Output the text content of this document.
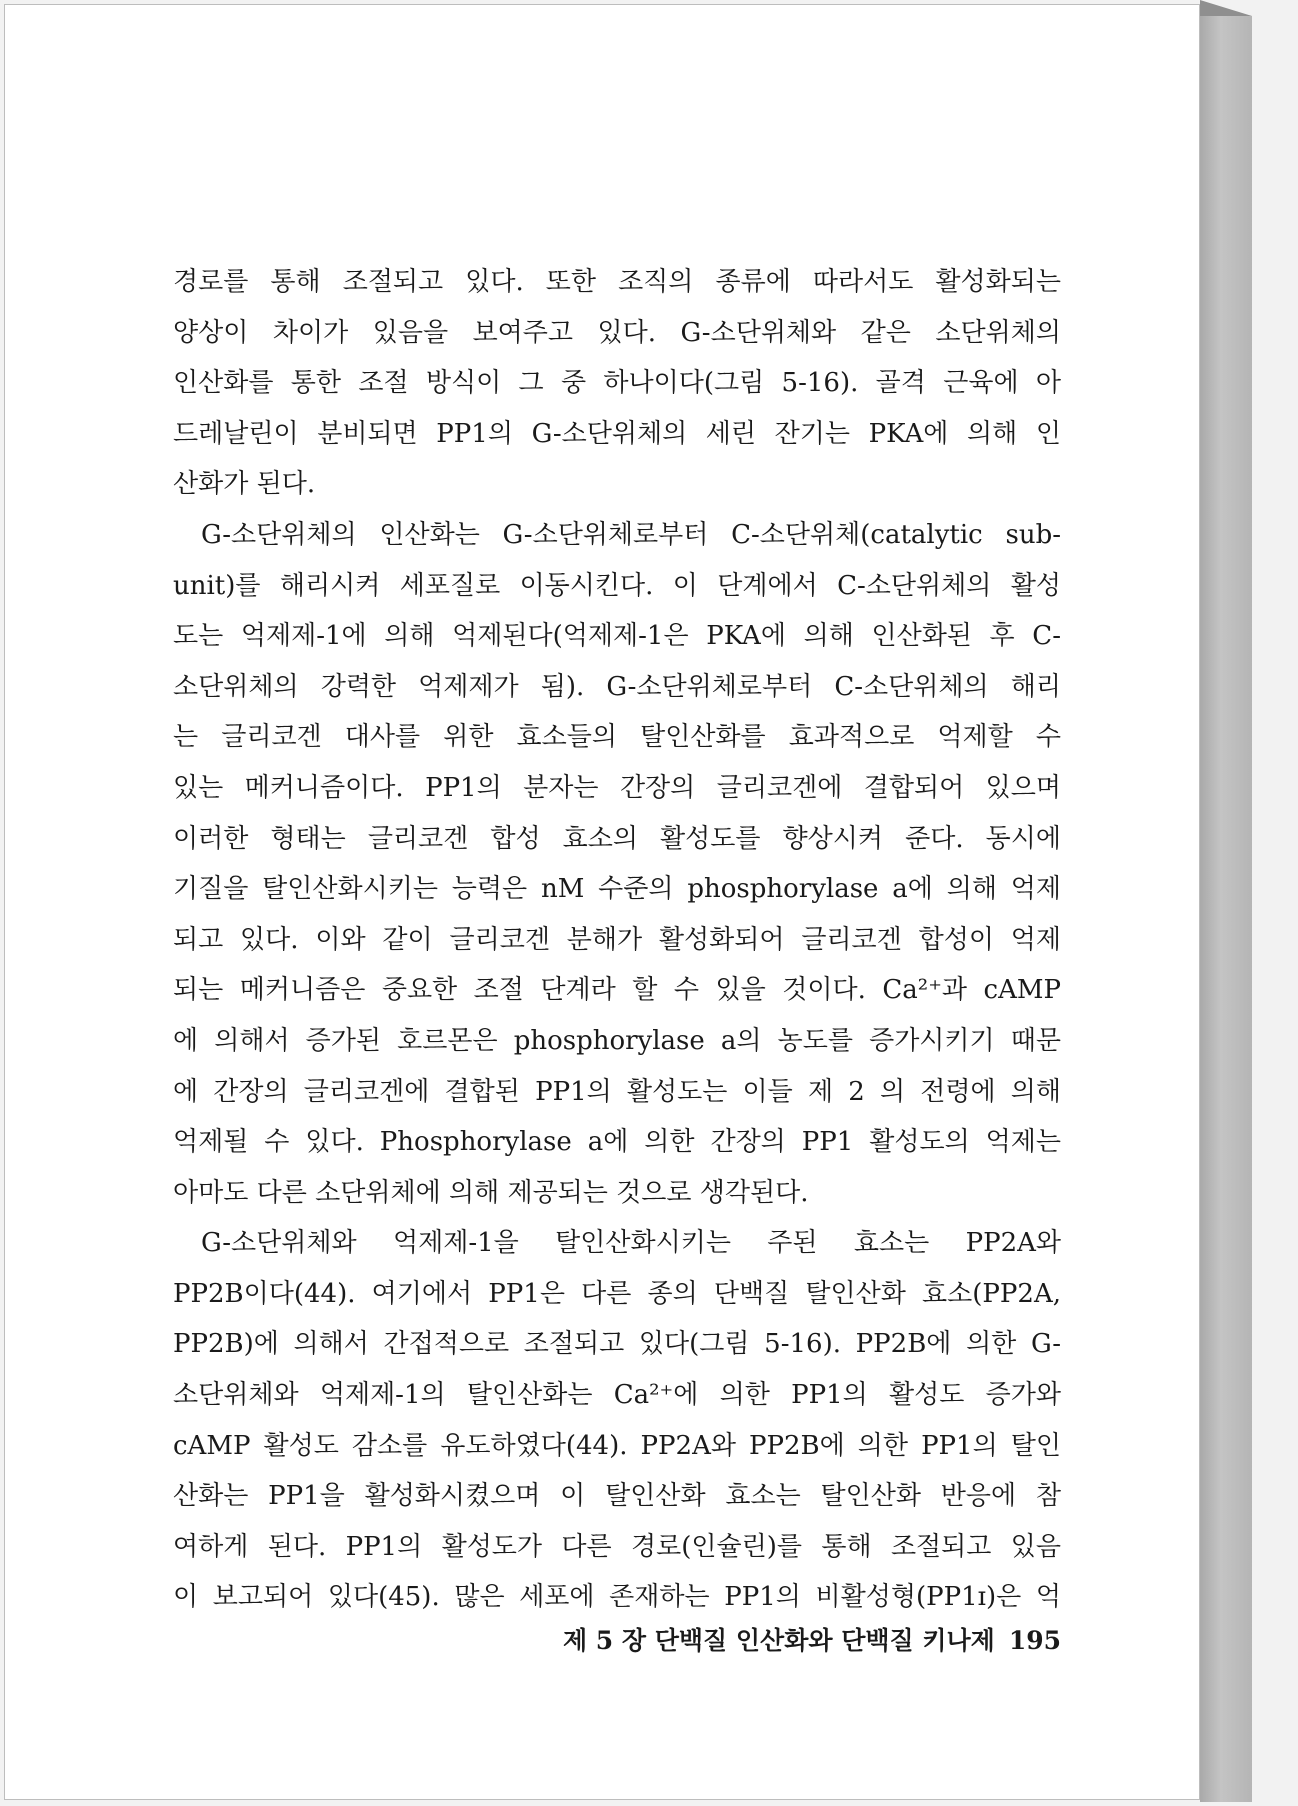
경로를 통해 조절되고 있다. 또한 조직의 종류에 따라서도 활성화되는
양상이 차이가 있음을 보여주고 있다. G-소단위체와 같은 소단위체의
인산화를 통한 조절 방식이 그 중 하나이다(그림 5-16). 골격 근육에 아
드레날린이 분비되면 PP1의 G-소단위체의 세린 잔기는 PKA에 의해 인
산화가 된다.
G-소단위체의 인산화는 G-소단위체로부터 C-소단위체(catalytic sub-
unit)를 해리시켜 세포질로 이동시킨다. 이 단계에서 C-소단위체의 활성
도는 억제제-1에 의해 억제된다(억제제-1은 PKA에 의해 인산화된 후 C-
소단위체의 강력한 억제제가 됨). G-소단위체로부터 C-소단위체의 해리
는 글리코겐 대사를 위한 효소들의 탈인산화를 효과적으로 억제할 수
있는 메커니즘이다. PP1의 분자는 간장의 글리코겐에 결합되어 있으며
이러한 형태는 글리코겐 합성 효소의 활성도를 향상시켜 준다. 동시에
기질을 탈인산화시키는 능력은 nM 수준의 phosphorylase a에 의해 억제
되고 있다. 이와 같이 글리코겐 분해가 활성화되어 글리코겐 합성이 억제
되는 메커니즘은 중요한 조절 단계라 할 수 있을 것이다. Ca²⁺과 cAMP
에 의해서 증가된 호르몬은 phosphorylase a의 농도를 증가시키기 때문
에 간장의 글리코겐에 결합된 PP1의 활성도는 이들 제 2 의 전령에 의해
억제될 수 있다. Phosphorylase a에 의한 간장의 PP1 활성도의 억제는
아마도 다른 소단위체에 의해 제공되는 것으로 생각된다.
G-소단위체와 억제제-1을 탈인산화시키는 주된 효소는 PP2A와
PP2B이다(44). 여기에서 PP1은 다른 종의 단백질 탈인산화 효소(PP2A,
PP2B)에 의해서 간접적으로 조절되고 있다(그림 5-16). PP2B에 의한 G-
소단위체와 억제제-1의 탈인산화는 Ca²⁺에 의한 PP1의 활성도 증가와
cAMP 활성도 감소를 유도하였다(44). PP2A와 PP2B에 의한 PP1의 탈인
산화는 PP1을 활성화시켰으며 이 탈인산화 효소는 탈인산화 반응에 참
여하게 된다. PP1의 활성도가 다른 경로(인슐린)를 통해 조절되고 있음
이 보고되어 있다(45). 많은 세포에 존재하는 PP1의 비활성형(PP1ɪ)은 억
제 5 장 단백질 인산화와 단백질 키나제 195
